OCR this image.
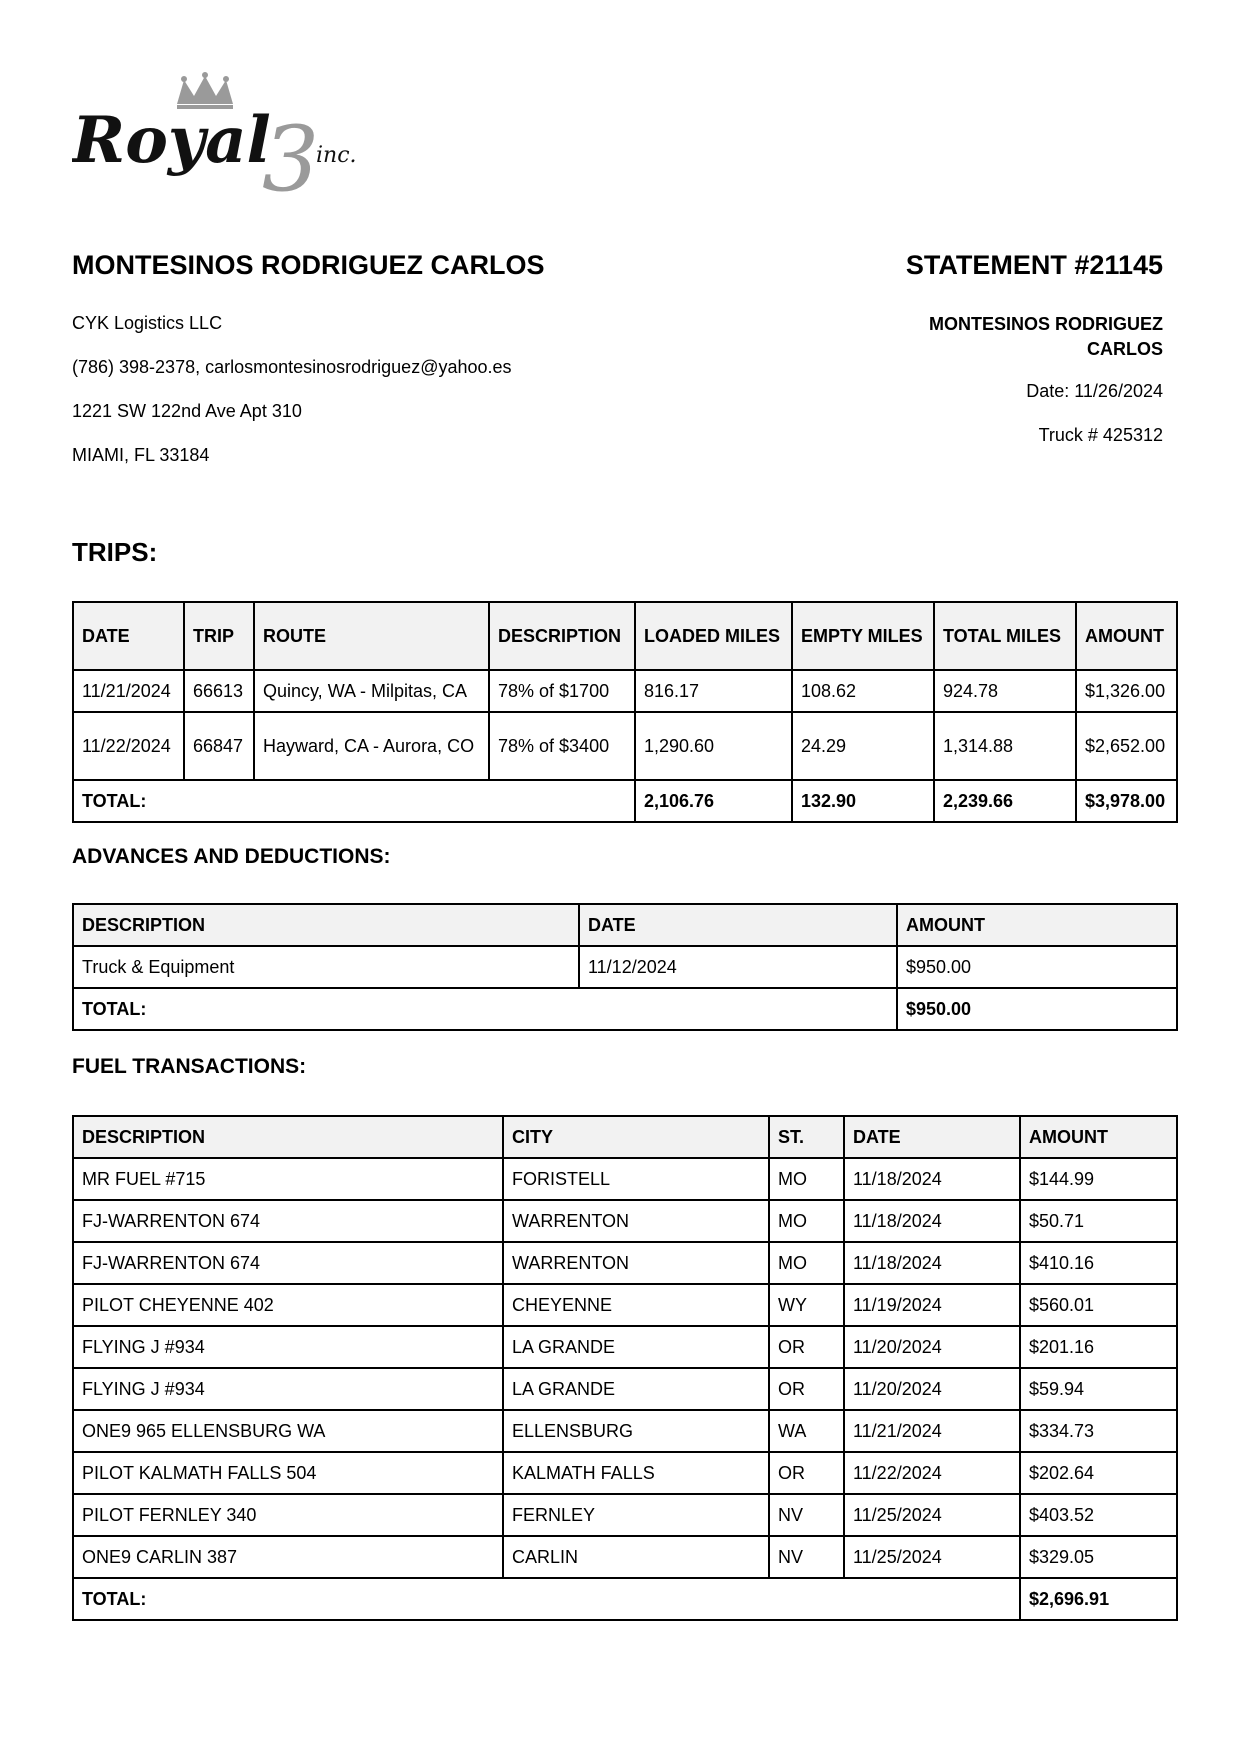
3
Royal inc.
MONTESINOS RODRIGUEZ CARLOS	STATEMENT #21145
CYK Logistics LLC
(786) 398-2378, carlosmontesinosrodriguez@yahoo.es
1221 SW 122nd Ave Apt 310
MIAMI, FL 33184
MONTESINOS RODRIGUEZ CARLOS
Date: 11/26/2024
Truck # 425312
TRIPS:
DATE	TRIP	ROUTE	DESCRIPTION	LOADED MILES	EMPTY MILES	TOTAL MILES	AMOUNT
11/21/2024	66613	Quincy, WA - Milpitas, CA	78% of $1700	816.17	108.62	924.78	$1,326.00
11/22/2024	66847	Hayward, CA - Aurora, CO	78% of $3400	1,290.60	24.29	1,314.88	$2,652.00
TOTAL:				2,106.76	132.90	2,239.66	$3,978.00
ADVANCES AND DEDUCTIONS:
DESCRIPTION	DATE	AMOUNT
Truck & Equipment	11/12/2024	$950.00
TOTAL:		$950.00
FUEL TRANSACTIONS:
DESCRIPTION	CITY	ST.	DATE	AMOUNT
MR FUEL #715	FORISTELL	MO	11/18/2024	$144.99
FJ-WARRENTON 674	WARRENTON	MO	11/18/2024	$50.71
FJ-WARRENTON 674	WARRENTON	MO	11/18/2024	$410.16
PILOT CHEYENNE 402	CHEYENNE	WY	11/19/2024	$560.01
FLYING J #934	LA GRANDE	OR	11/20/2024	$201.16
FLYING J #934	LA GRANDE	OR	11/20/2024	$59.94
ONE9 965 ELLENSBURG WA	ELLENSBURG	WA	11/21/2024	$334.73
PILOT KALMATH FALLS 504	KALMATH FALLS	OR	11/22/2024	$202.64
PILOT FERNLEY 340	FERNLEY	NV	11/25/2024	$403.52
ONE9 CARLIN 387	CARLIN	NV	11/25/2024	$329.05
TOTAL:				$2,696.91
